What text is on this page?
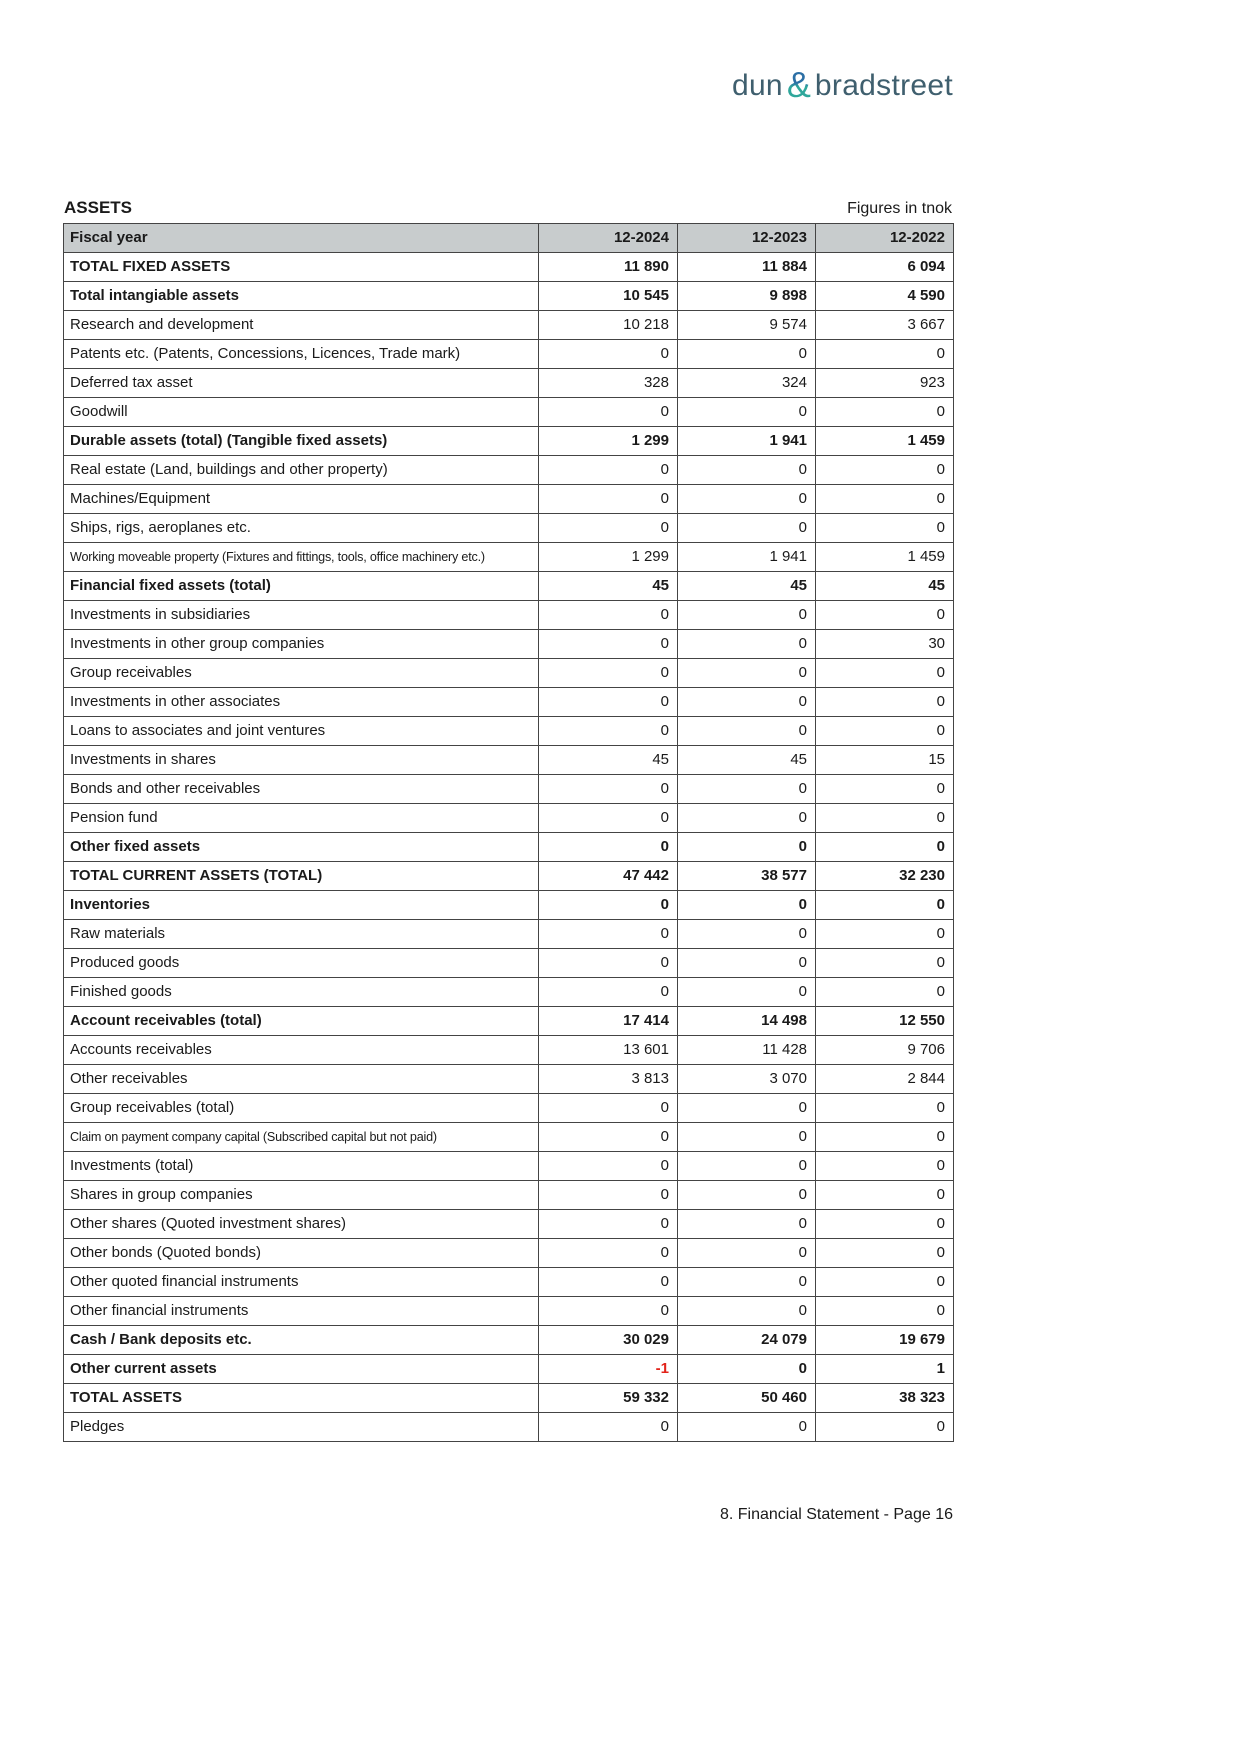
dun & bradstreet
ASSETS	Figures in tnok
Fiscal year	12-2024	12-2023	12-2022
TOTAL FIXED ASSETS	11 890	11 884	6 094
Total intangiable assets	10 545	9 898	4 590
Research and development	10 218	9 574	3 667
Patents etc. (Patents, Concessions, Licences, Trade mark)	0	0	0
Deferred tax asset	328	324	923
Goodwill	0	0	0
Durable assets (total) (Tangible fixed assets)	1 299	1 941	1 459
Real estate (Land, buildings and other property)	0	0	0
Machines/Equipment	0	0	0
Ships, rigs, aeroplanes etc.	0	0	0
Working moveable property (Fixtures and fittings, tools, office machinery etc.)	1 299	1 941	1 459
Financial fixed assets (total)	45	45	45
Investments in subsidiaries	0	0	0
Investments in other group companies	0	0	30
Group receivables	0	0	0
Investments in other associates	0	0	0
Loans to associates and joint ventures	0	0	0
Investments in shares	45	45	15
Bonds and other receivables	0	0	0
Pension fund	0	0	0
Other fixed assets	0	0	0
TOTAL CURRENT ASSETS (TOTAL)	47 442	38 577	32 230
Inventories	0	0	0
Raw materials	0	0	0
Produced goods	0	0	0
Finished goods	0	0	0
Account receivables (total)	17 414	14 498	12 550
Accounts receivables	13 601	11 428	9 706
Other receivables	3 813	3 070	2 844
Group receivables (total)	0	0	0
Claim on payment company capital (Subscribed capital but not paid)	0	0	0
Investments (total)	0	0	0
Shares in group companies	0	0	0
Other shares (Quoted investment shares)	0	0	0
Other bonds (Quoted bonds)	0	0	0
Other quoted financial instruments	0	0	0
Other financial instruments	0	0	0
Cash / Bank deposits etc.	30 029	24 079	19 679
Other current assets	-1	0	1
TOTAL ASSETS	59 332	50 460	38 323
Pledges	0	0	0
8. Financial Statement - Page 16
